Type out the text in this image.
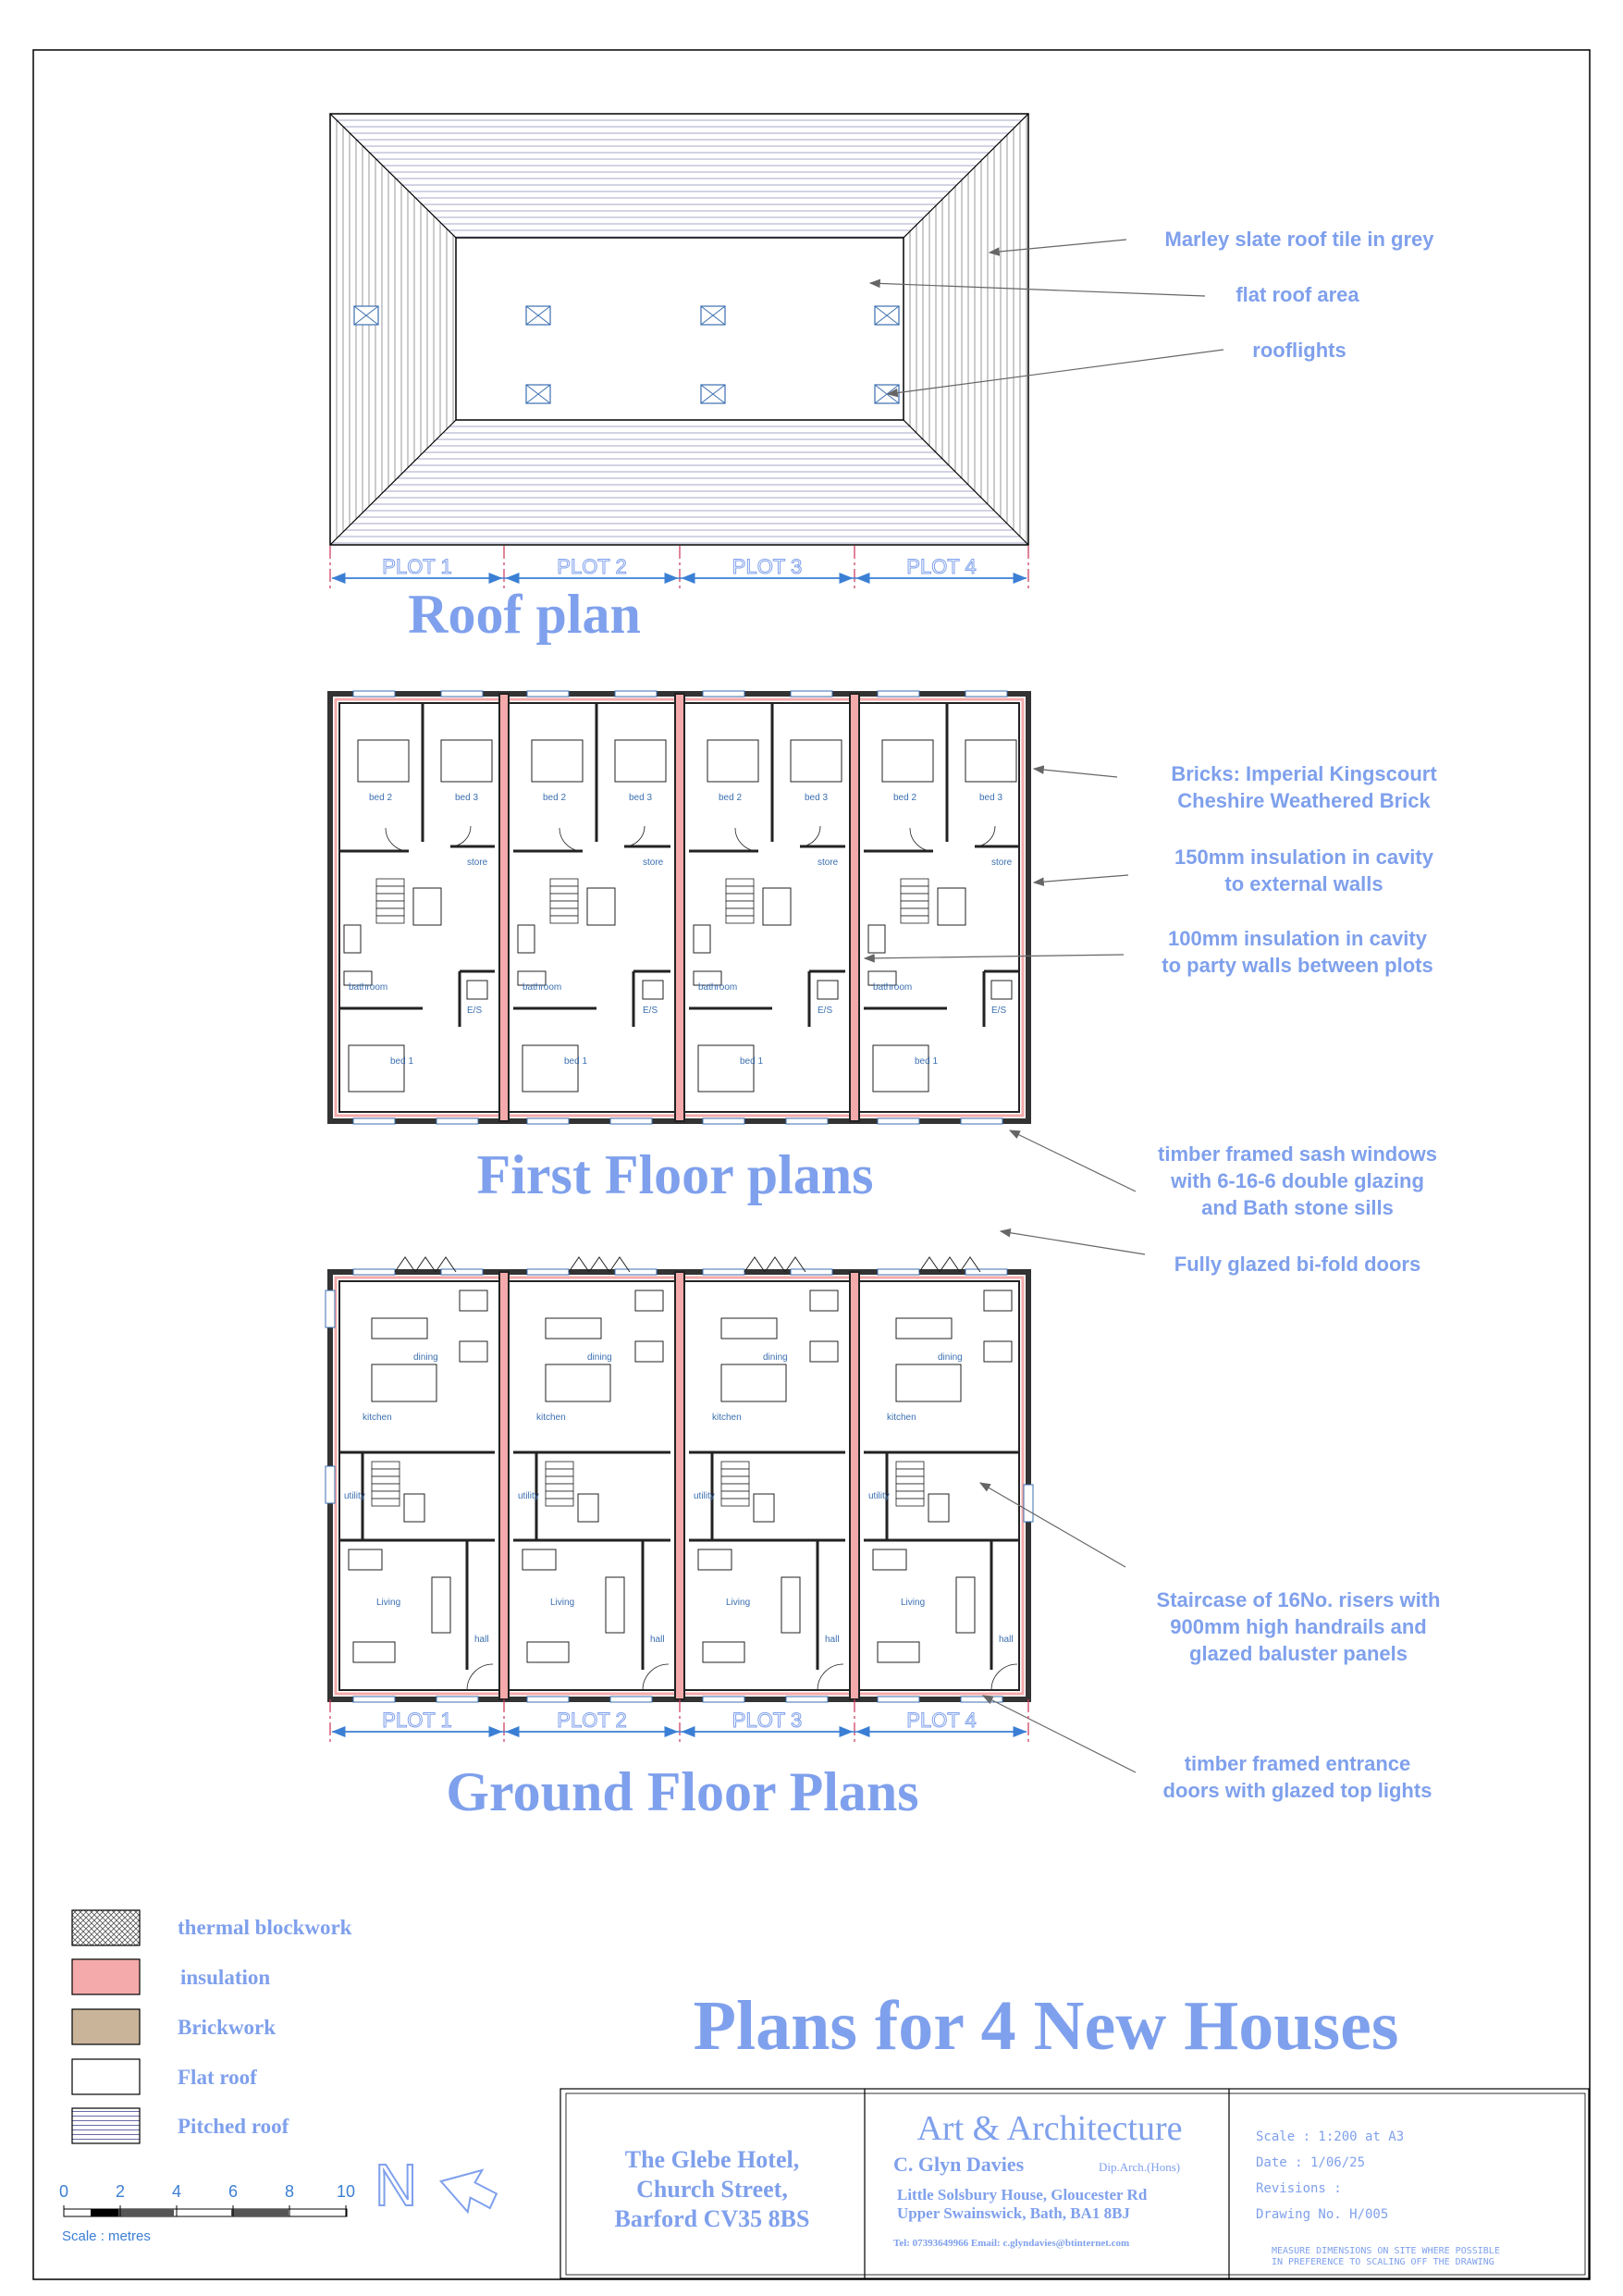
PLOT 1	PLOT 2	PLOT 3	PLOT 4
Roof plan
Marley slate roof tile in grey
flat roof area
rooflights
bed 2	bed 3
store
bathroom
E/S
bed 1
bed 2	bed 3
store
bathroom
E/S
bed 1
bed 2	bed 3
store
bathroom
E/S
bed 1
bed 2	bed 3
store
bathroom
E/S
bed 1
First Floor plans
Bricks: Imperial Kingscourt
Cheshire Weathered Brick
150mm insulation in cavity
to external walls
100mm insulation in cavity
to party walls between plots
timber framed sash windows
with 6-16-6 double glazing
and Bath stone sills
dining
kitchen
utility
Living
hall
dining
kitchen
utility
Living
hall
dining
kitchen
utility
Living
hall
dining
kitchen
utility
Living
hall
Ground Floor Plans
Fully glazed bi-fold doors
Staircase of 16No. risers with
900mm high handrails and
glazed baluster panels
timber framed entrance
doors with glazed top lights
thermal blockwork
insulation
Brickwork
Flat roof
Pitched roof
0	2	4	6	8	10
Scale : metres
N
Plans for 4 New Houses
The Glebe Hotel,
Church Street,
Barford CV35 8BS
Art & Architecture
C. Glyn Davies	Dip.Arch.(Hons)
Little Solsbury House, Gloucester Rd
Upper Swainswick, Bath, BA1 8BJ
Tel: 07393649966 Email: c.glyndavies@btinternet.com
Scale : 1:200 at A3
Date : 1/06/25
Revisions :
Drawing No. H/005
MEASURE DIMENSIONS ON SITE WHERE POSSIBLE
IN PREFERENCE TO SCALING OFF THE DRAWING
PLOT 1	PLOT 2	PLOT 3	PLOT 4
